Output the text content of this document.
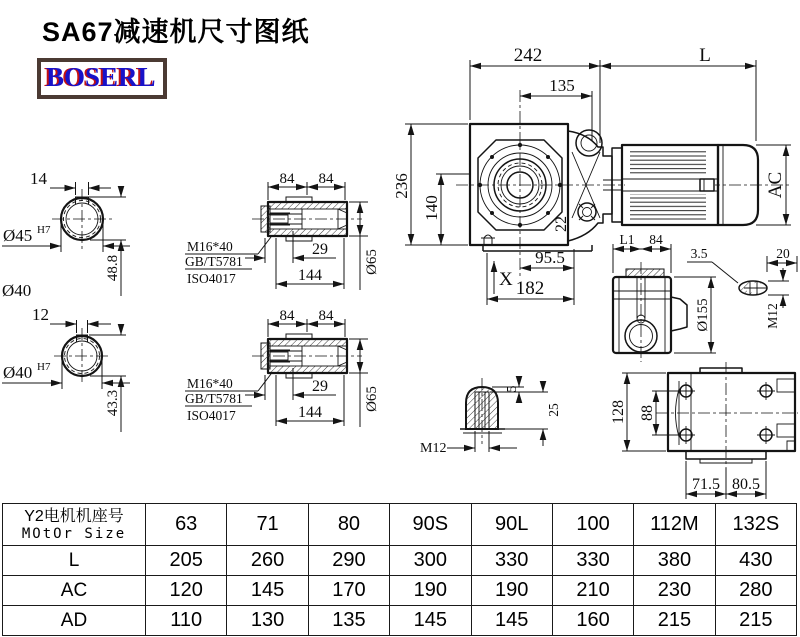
14
Ø45 H7
48.8
Ø40
12
Ø40 H7
43.3
84 84
29
144
Ø65
M16*40
GB/T5781
ISO4017
84 84
29
144
Ø65
M16*40
GB/T5781
ISO4017
22
242	L
135
236
140
AC
95.5
182
X
L1 84
Ø155
3.5	20
M12
5
25
M12
128 88
71.5 80.5
SA67减速机尺寸图纸
BOSERL
Y2电机机座号
MOtOr Size	63	71	80	90S	90L	100	112M	132S
L	205	260	290	300	330	330	380	430
AC	120	145	170	190	190	210	230	280
AD	110	130	135	145	145	160	215	215
